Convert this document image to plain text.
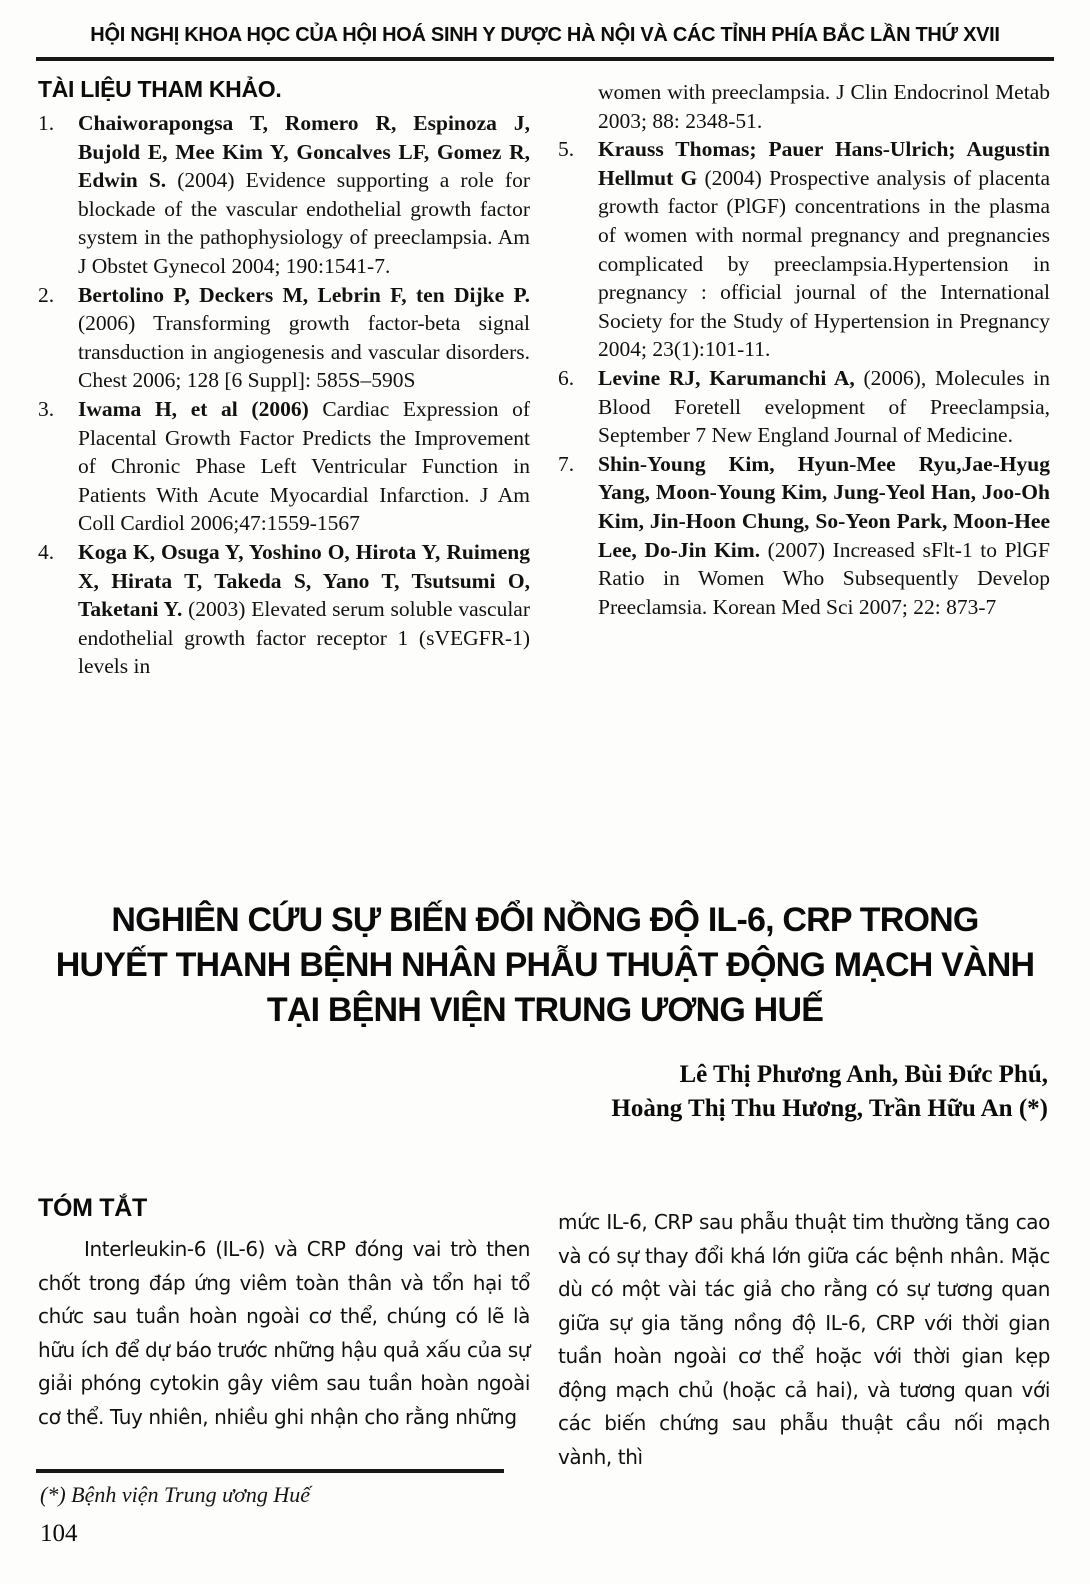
HỘI NGHỊ KHOA HỌC CỦA HỘI HOÁ SINH Y DƯỢC HÀ NỘI VÀ CÁC TỈNH PHÍA BẮC LẦN THỨ XVII
TÀI LIỆU THAM KHẢO.
1.	Chaiworapongsa T, Romero R, Espinoza J, Bujold E, Mee Kim Y, Goncalves LF, Gomez R, Edwin S. (2004) Evidence supporting a role for blockade of the vascular endothelial growth factor system in the pathophysiology of preeclampsia. Am J Obstet Gynecol 2004; 190:1541-7.
2.	Bertolino P, Deckers M, Lebrin F, ten Dijke P. (2006) Transforming growth factor-beta signal transduction in angiogenesis and vascular disorders. Chest 2006; 128 [6 Suppl]: 585S–590S
3.	Iwama H, et al (2006) Cardiac Expression of Placental Growth Factor Predicts the Improvement of Chronic Phase Left Ventricular Function in Patients With Acute Myocardial Infarction. J Am Coll Cardiol 2006;47:1559-1567
4.	Koga K, Osuga Y, Yoshino O, Hirota Y, Ruimeng X, Hirata T, Takeda S, Yano T, Tsutsumi O, Taketani Y. (2003) Elevated serum soluble vascular endothelial growth factor receptor 1 (sVEGFR-1) levels in
women with preeclampsia. J Clin Endocrinol Metab 2003; 88: 2348-51.
5.	Krauss Thomas; Pauer Hans-Ulrich; Augustin Hellmut G (2004) Prospective analysis of placenta growth factor (PlGF) concentrations in the plasma of women with normal pregnancy and pregnancies complicated by preeclampsia.Hypertension in pregnancy : official journal of the International Society for the Study of Hypertension in Pregnancy 2004; 23(1):101-11.
6.	Levine RJ, Karumanchi A, (2006), Molecules in Blood Foretell evelopment of Preeclampsia, September 7 New England Journal of Medicine.
7.	Shin-Young Kim, Hyun-Mee Ryu,Jae-Hyug Yang, Moon-Young Kim, Jung-Yeol Han, Joo-Oh Kim, Jin-Hoon Chung, So-Yeon Park, Moon-Hee Lee, Do-Jin Kim. (2007) Increased sFlt-1 to PlGF Ratio in Women Who Subsequently Develop Preeclamsia. Korean Med Sci 2007; 22: 873-7
NGHIÊN CỨU SỰ BIẾN ĐỔI NỒNG ĐỘ IL-6, CRP TRONG
HUYẾT THANH BỆNH NHÂN PHẪU THUẬT ĐỘNG MẠCH VÀNH
TẠI BỆNH VIỆN TRUNG ƯƠNG HUẾ
Lê Thị Phương Anh, Bùi Đức Phú,
Hoàng Thị Thu Hương, Trần Hữu An (*)
TÓM TẮT
Interleukin-6 (IL-6) và CRP đóng vai trò then chốt trong đáp ứng viêm toàn thân và tổn hại tổ chức sau tuần hoàn ngoài cơ thể, chúng có lẽ là hữu ích để dự báo trước những hậu quả xấu của sự giải phóng cytokin gây viêm sau tuần hoàn ngoài cơ thể. Tuy nhiên, nhiều ghi nhận cho rằng những
mức IL-6, CRP sau phẫu thuật tim thường tăng cao và có sự thay đổi khá lớn giữa các bệnh nhân. Mặc dù có một vài tác giả cho rằng có sự tương quan giữa sự gia tăng nồng độ IL-6, CRP với thời gian tuần hoàn ngoài cơ thể hoặc với thời gian kẹp động mạch chủ (hoặc cả hai), và tương quan với các biến chứng sau phẫu thuật cầu nối mạch vành, thì
(*) Bệnh viện Trung ương Huế
104
